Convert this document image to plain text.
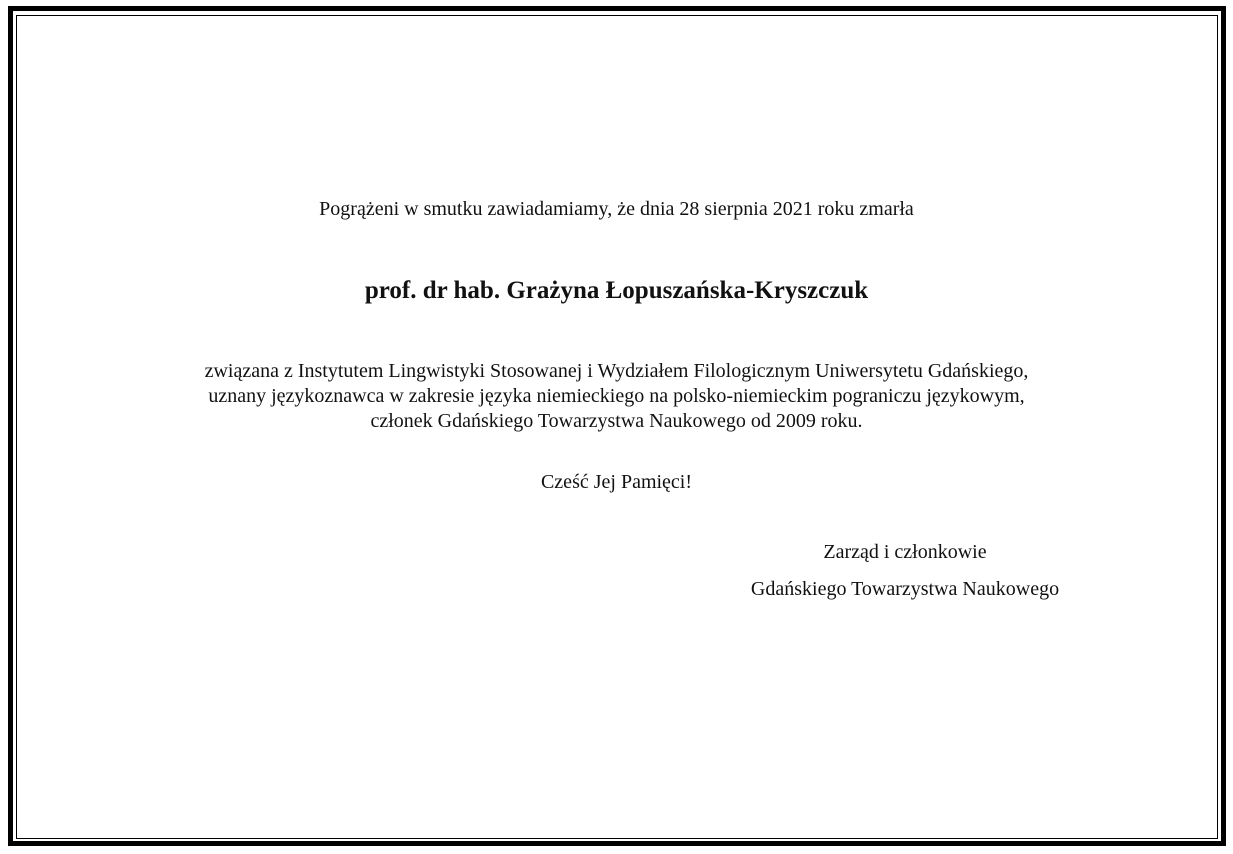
Pogrążeni w smutku zawiadamiamy, że dnia 28 sierpnia 2021 roku zmarła
prof. dr hab. Grażyna Łopuszańska-Kryszczuk
związana z Instytutem Lingwistyki Stosowanej i Wydziałem Filologicznym Uniwersytetu Gdańskiego,
uznany językoznawca w zakresie języka niemieckiego na polsko-niemieckim pograniczu językowym,
członek Gdańskiego Towarzystwa Naukowego od 2009 roku.
Cześć Jej Pamięci!
Zarząd i członkowie
Gdańskiego Towarzystwa Naukowego
